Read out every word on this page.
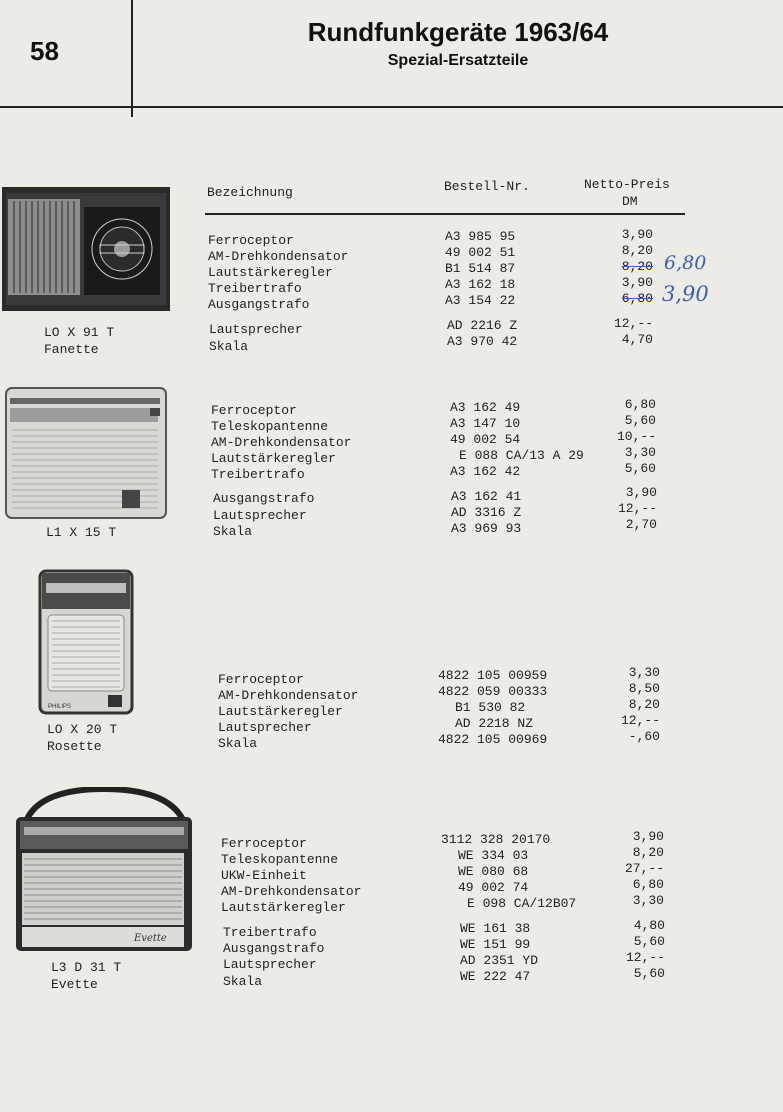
58
Rundfunkgeräte 1963/64
Spezial-Ersatzteile
Bezeichnung	Bestell-Nr.	Netto-Preis
DM
LO X 91 T
Fanette
Ferroceptor
AM-Drehkondensator
Lautstärkeregler
Treibertrafo
Ausgangstrafo
Lautsprecher
Skala
A3 985 95
49 002 51
B1 514 87
A3 162 18
A3 154 22
AD 2216 Z
A3 970 42
3,90
8,20
8,20
3,90
6,80
12,--
4,70
6,80
3,90
L1 X 15 T
Ferroceptor
Teleskopantenne
AM-Drehkondensator
Lautstärkeregler
Treibertrafo
Ausgangstrafo
Lautsprecher
Skala
A3 162 49
A3 147 10
49 002 54
E 088 CA/13 A 29
A3 162 42
A3 162 41
AD 3316 Z
A3 969 93
6,80
5,60
10,--
3,30
5,60
3,90
12,--
2,70
PHILIPS
LO X 20 T
Rosette
Ferroceptor
AM-Drehkondensator
Lautstärkeregler
Lautsprecher
Skala
4822 105 00959
4822 059 00333
B1 530 82
AD 2218 NZ
4822 105 00969
3,30
8,50
8,20
12,--
-,60
Evette
L3 D 31 T
Evette
Ferroceptor
Teleskopantenne
UKW-Einheit
AM-Drehkondensator
Lautstärkeregler
Treibertrafo
Ausgangstrafo
Lautsprecher
Skala
3112 328 20170
WE 334 03
WE 080 68
49 002 74
E 098 CA/12B07
WE 161 38
WE 151 99
AD 2351 YD
WE 222 47
3,90
8,20
27,--
6,80
3,30
4,80
5,60
12,--
5,60
